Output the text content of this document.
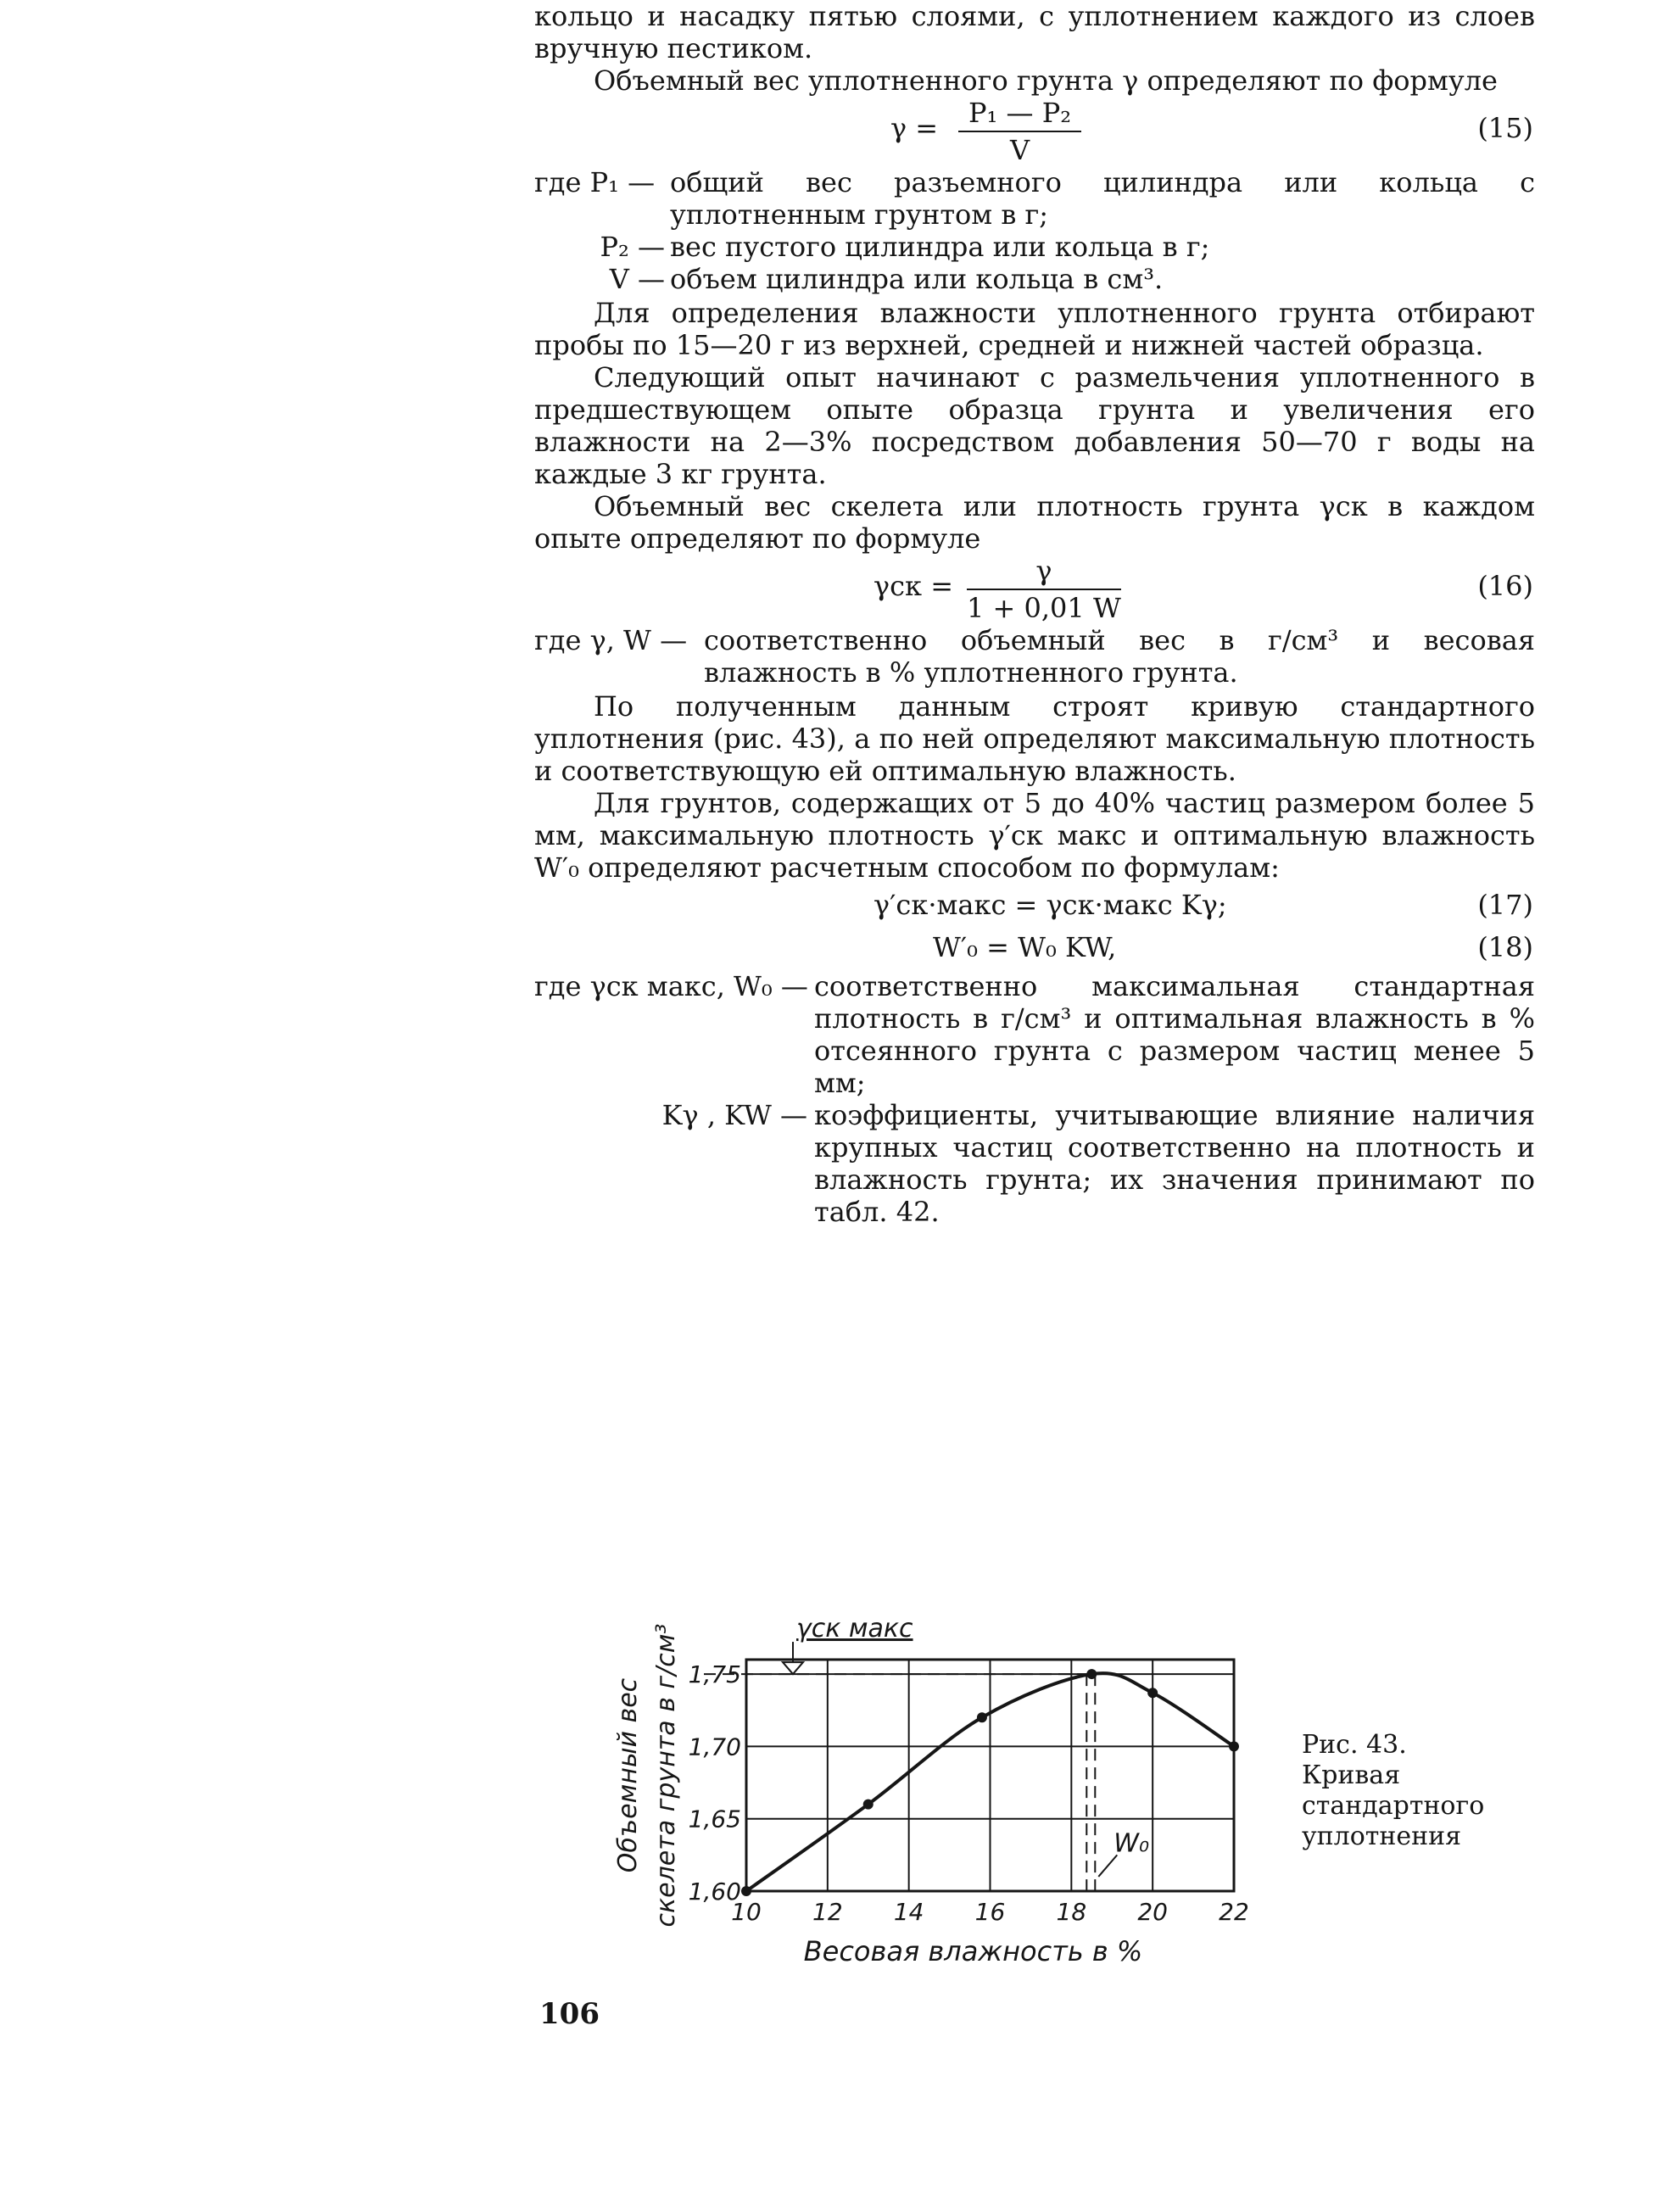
кольцо и насадку пятью слоями, с уплотнением каждого из слоев вручную пестиком.

Объемный вес уплотненного грунта γ определяют по формуле

$\gamma = \frac{\text{P₁ — P₂}}{V}$	(15)
где P₁ — общий вес разъемного цилиндра или кольца с уплотненным грунтом в г;
P₂ — вес пустого цилиндра или кольца в г;
V — объем цилиндра или кольца в см³.

Для определения влажности уплотненного грунта отбирают пробы по 15—20 г из верхней, средней и нижней частей образца.

Следующий опыт начинают с размельчения уплотненного в предшествующем опыте образца грунта и увеличения его влажности на 2—3% посредством добавления 50—70 г воды на каждые 3 кг грунта.

Объемный вес скелета или плотность грунта γск в каждом опыте определяют по формуле

$\gamma ск = \frac{\gamma}{1 + 0,01 W}$	(16)
где γ, W — соответственно объемный вес в г/см³ и весовая влажность в % уплотненного грунта.

По полученным данным строят кривую стандартного уплотнения (рис. 43), а по ней определяют максимальную плотность и соответствующую ей оптимальную влажность.

Для грунтов, содержащих от 5 до 40% частиц размером более 5 мм, максимальную плотность γ′ск макс и оптимальную влажность W′₀ определяют расчетным способом по формулам:

γ′ск·макс = γск·макс Kγ;	(17)
W′₀ = W₀ KW,	(18)
где γск макс, W₀ — соответственно максимальная стандартная плотность в г/см³ и оптимальная влажность в % отсеянного грунта с размером частиц менее 5 мм;
Kγ , KW — коэффициенты, учитывающие влияние наличия крупных частиц соответственно на плотность и влажность грунта; их значения принимают по табл. 42.
10 12 14 16 18 20 22
1,60
1,65
1,70
1,75
γск макс
W₀
Весовая влажность в %
Объемный вес скелета грунта в г/см³	Рис. 43. Кривая стандартного уплотнения
106
